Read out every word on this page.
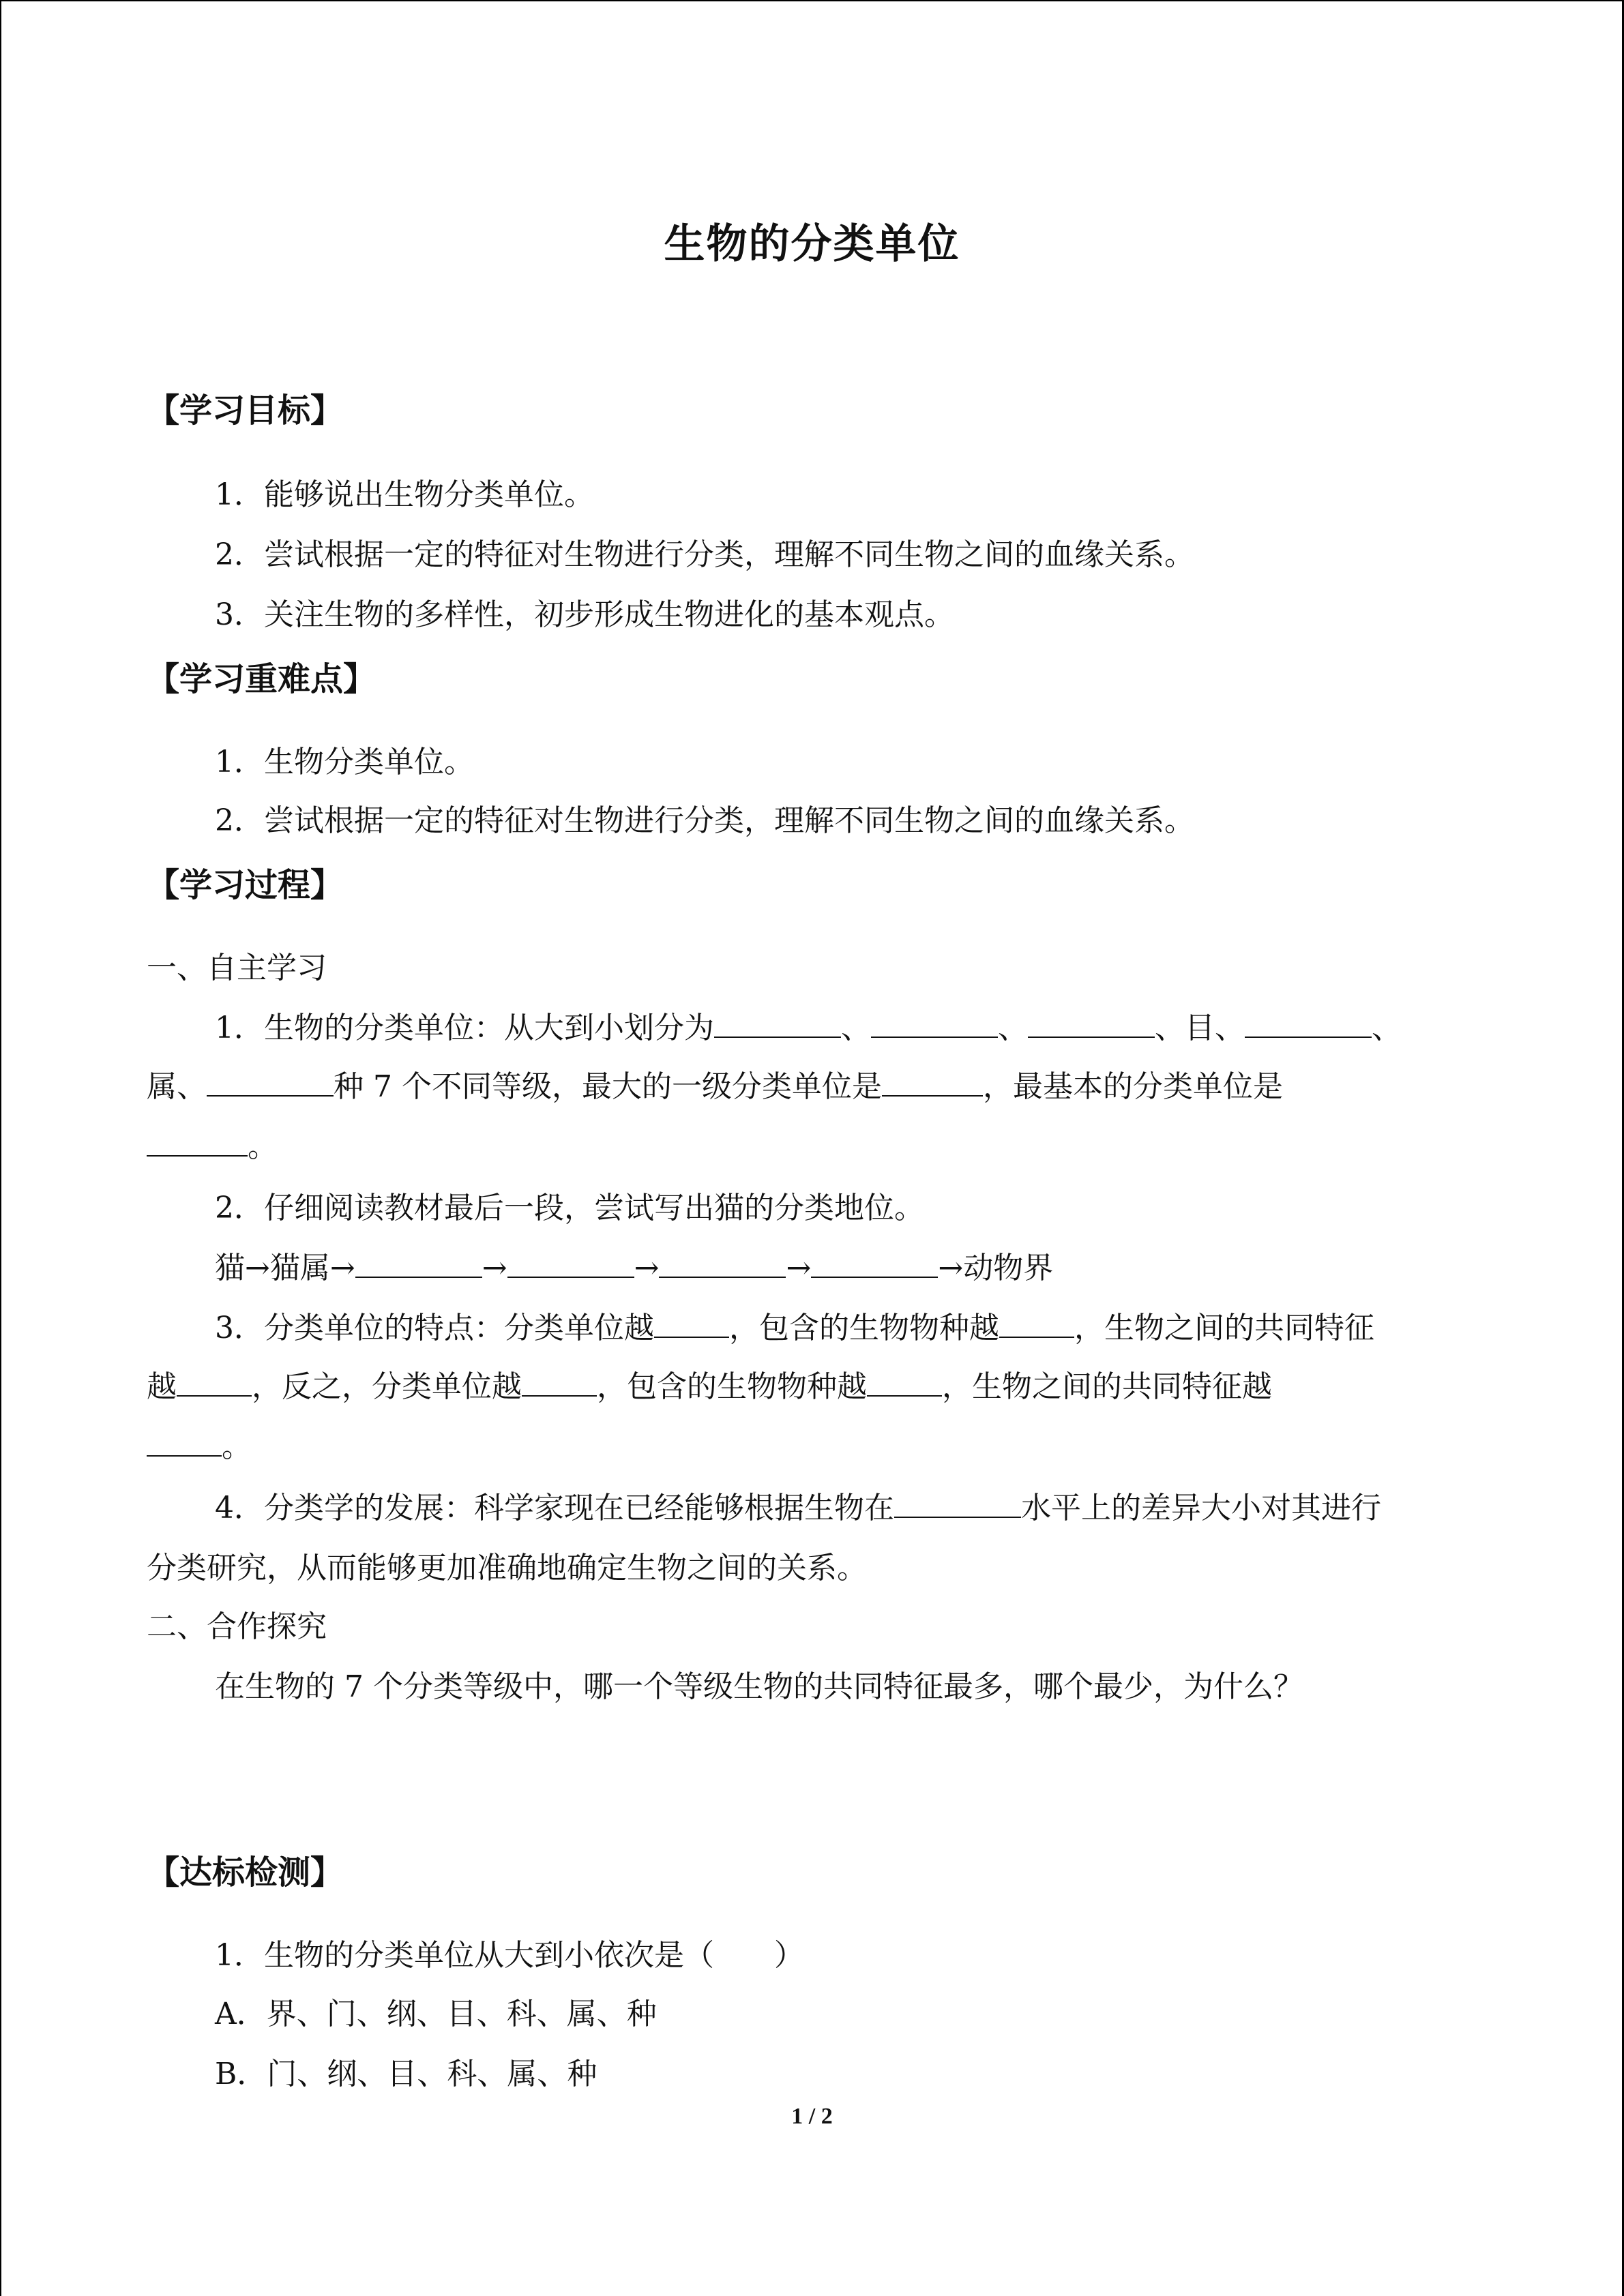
生物的分类单位
【学习目标】
1．能够说出生物分类单位。
2．尝试根据一定的特征对生物进行分类，理解不同生物之间的血缘关系。
3．关注生物的多样性，初步形成生物进化的基本观点。
【学习重难点】
1．生物分类单位。
2．尝试根据一定的特征对生物进行分类，理解不同生物之间的血缘关系。
【学习过程】
一、自主学习
1．生物的分类单位：从大到小划分为	、	、	、目、	、
属、	种 7 个不同等级，最大的一级分类单位是	，最基本的分类单位是
。
2．仔细阅读教材最后一段，尝试写出猫的分类地位。
猫→猫属→	→	→	→	→动物界
3．分类单位的特点：分类单位越	，包含的生物物种越	，生物之间的共同特征
越	，反之，分类单位越	，包含的生物物种越	，生物之间的共同特征越
。
4．分类学的发展：科学家现在已经能够根据生物在	水平上的差异大小对其进行
分类研究，从而能够更加准确地确定生物之间的关系。
二、合作探究
在生物的 7 个分类等级中，哪一个等级生物的共同特征最多，哪个最少，为什么？
【达标检测】
1．生物的分类单位从大到小依次是（　　）
A．界、门、纲、目、科、属、种
B．门、纲、目、科、属、种
1 / 2
